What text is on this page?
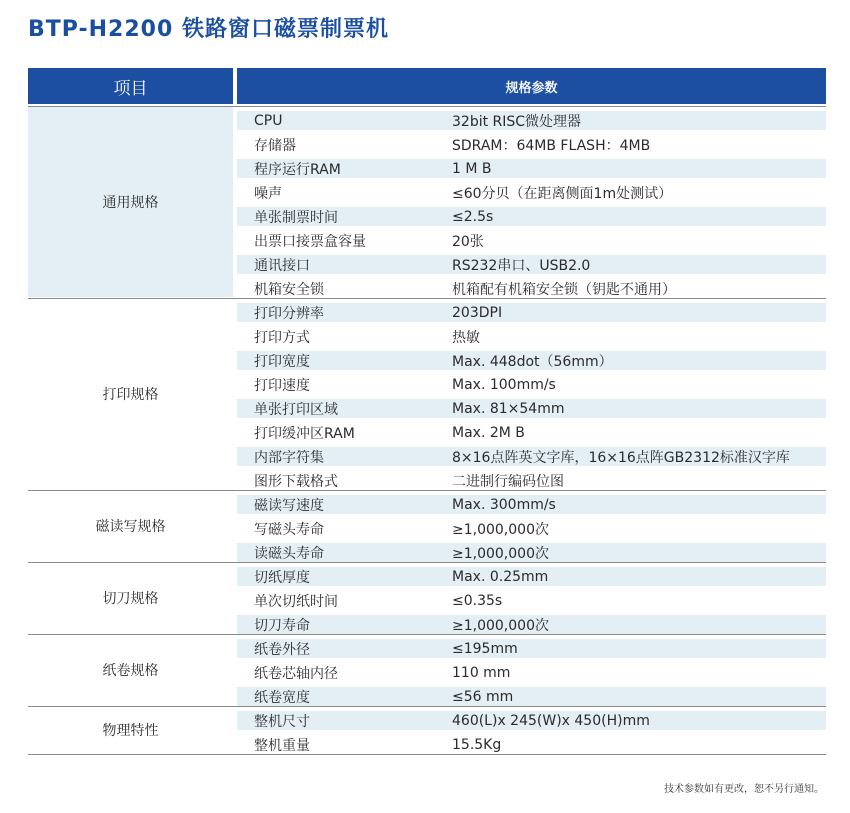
BTP-H2200 铁路窗口磁票制票机
项目	规格参数
通用规格
CPU	32bit RISC微处理器
存储器	SDRAM：64MB FLASH：4MB
程序运行RAM	1 M B
噪声	≤60分贝（在距离侧面1m处测试）
单张制票时间	≤2.5s
出票口接票盒容量	20张
通讯接口	RS232串口、USB2.0
机箱安全锁	机箱配有机箱安全锁（钥匙不通用）
打印规格
打印分辨率	203DPI
打印方式	热敏
打印宽度	Max. 448dot（56mm）
打印速度	Max. 100mm/s
单张打印区域	Max. 81×54mm
打印缓冲区RAM	Max. 2M B
内部字符集	8×16点阵英文字库，16×16点阵GB2312标准汉字库
图形下载格式	二进制行编码位图
磁读写规格
磁读写速度	Max. 300mm/s
写磁头寿命	≥1,000,000次
读磁头寿命	≥1,000,000次
切刀规格
切纸厚度	Max. 0.25mm
单次切纸时间	≤0.35s
切刀寿命	≥1,000,000次
纸卷规格
纸卷外径	≤195mm
纸卷芯轴内径	110 mm
纸卷宽度	≤56 mm
物理特性
整机尺寸	460(L)x 245(W)x 450(H)mm
整机重量	15.5Kg
技术参数如有更改，恕不另行通知。
